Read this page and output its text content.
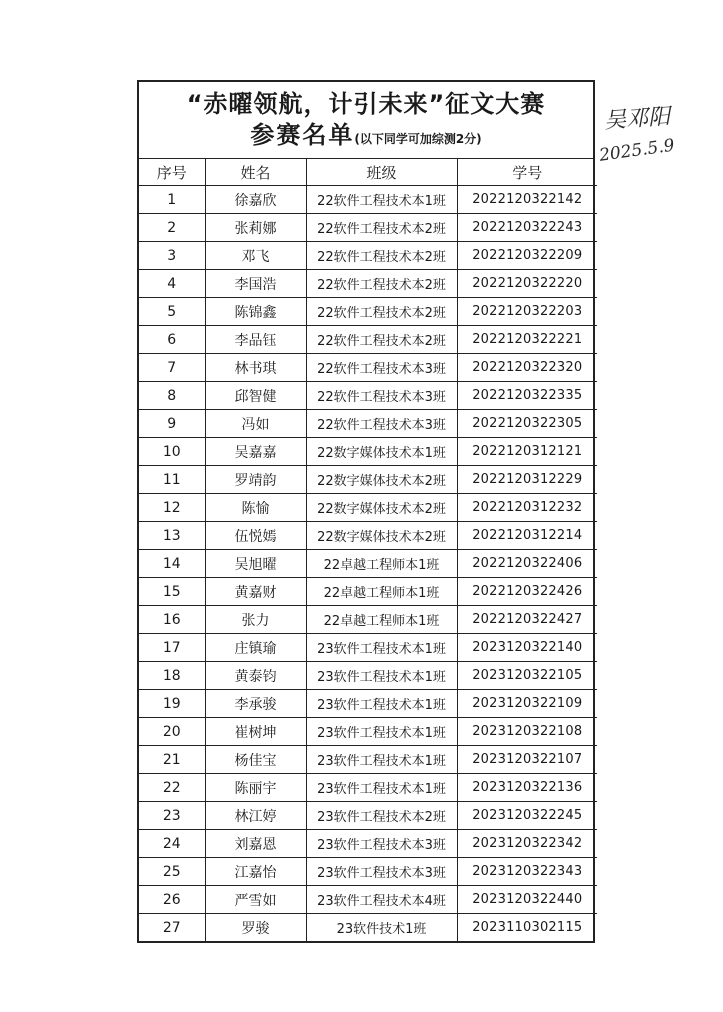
“赤曜领航，计引未来”征文大赛
参赛名单(以下同学可加综测2分)
序号	姓名	班级	学号
1	徐嘉欣	22软件工程技术本1班	2022120322142
2	张莉娜	22软件工程技术本2班	2022120322243
3	邓飞	22软件工程技术本2班	2022120322209
4	李国浩	22软件工程技术本2班	2022120322220
5	陈锦鑫	22软件工程技术本2班	2022120322203
6	李品钰	22软件工程技术本2班	2022120322221
7	林书琪	22软件工程技术本3班	2022120322320
8	邱智健	22软件工程技术本3班	2022120322335
9	冯如	22软件工程技术本3班	2022120322305
10	吴嘉嘉	22数字媒体技术本1班	2022120312121
11	罗靖韵	22数字媒体技术本2班	2022120312229
12	陈愉	22数字媒体技术本2班	2022120312232
13	伍悦嫣	22数字媒体技术本2班	2022120312214
14	吴旭曜	22卓越工程师本1班	2022120322406
15	黄嘉财	22卓越工程师本1班	2022120322426
16	张力	22卓越工程师本1班	2022120322427
17	庄镇瑜	23软件工程技术本1班	2023120322140
18	黄泰钧	23软件工程技术本1班	2023120322105
19	李承骏	23软件工程技术本1班	2023120322109
20	崔树坤	23软件工程技术本1班	2023120322108
21	杨佳宝	23软件工程技术本1班	2023120322107
22	陈丽宇	23软件工程技术本1班	2023120322136
23	林江婷	23软件工程技术本2班	2023120322245
24	刘嘉恩	23软件工程技术本3班	2023120322342
25	江嘉怡	23软件工程技术本3班	2023120322343
26	严雪如	23软件工程技术本4班	2023120322440
27	罗骏	23软件技术1班	2023110302115
吴邓阳
2025.5.9
